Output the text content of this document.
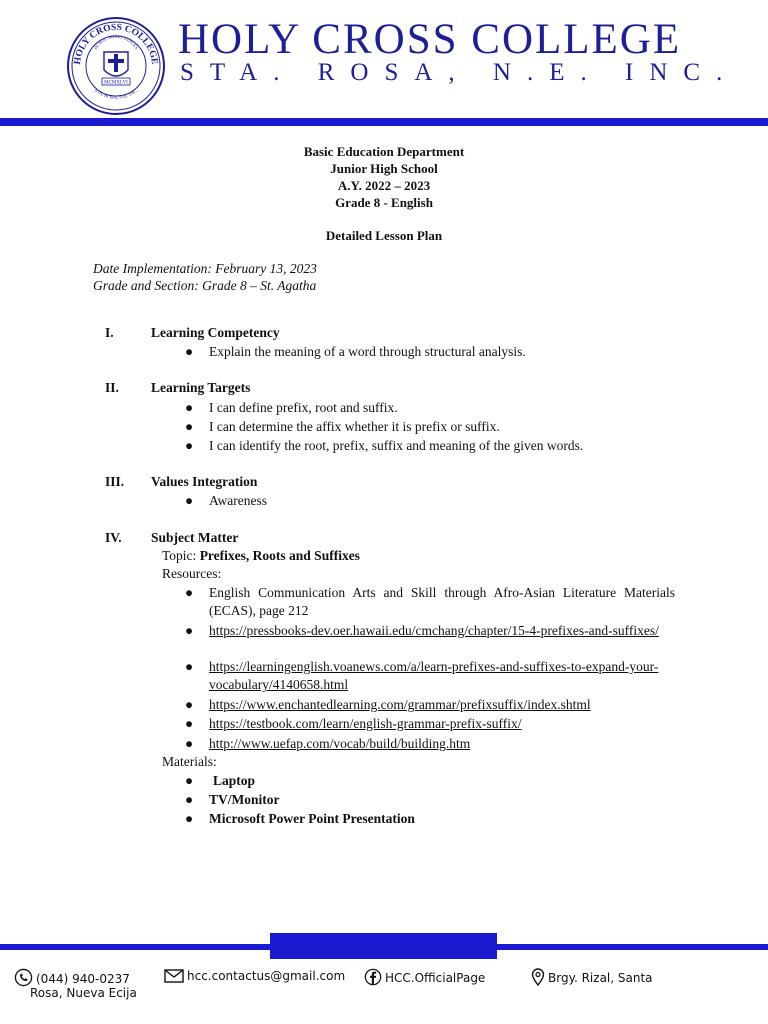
HOLY CROSS COLLEGE
STA. ROSA, N.E. INC.
IN HOC SIGNO VINCES
MCMXLVI
HOLY CROSS COLLEGE
STA. ROSA, N.E. INC.
Basic Education Department
Junior High School
A.Y. 2022 – 2023
Grade 8 - English
Detailed Lesson Plan
Date Implementation: February 13, 2023
Grade and Section: Grade 8 – St. Agatha
I.	Learning Competency
● Explain the meaning of a word through structural analysis.
II. Learning Targets
● I can define prefix, root and suffix.
● I can determine the affix whether it is prefix or suffix.
● I can identify the root, prefix, suffix and meaning of the given words.
III. Values Integration
● Awareness
IV. Subject Matter
Topic: Prefixes, Roots and Suffixes
Resources:
● English Communication Arts and Skill through Afro-Asian Literature Materials (ECAS), page 212
● https://pressbooks-dev.oer.hawaii.edu/cmchang/chapter/15-4-prefixes-and-suffixes/
● https://learningenglish.voanews.com/a/learn-prefixes-and-suffixes-to-expand-your-vocabulary/4140658.html
● https://www.enchantedlearning.com/grammar/prefixsuffix/index.shtml
● https://testbook.com/learn/english-grammar-prefix-suffix/
● http://www.uefap.com/vocab/build/building.htm
Materials:
● Laptop
● TV/Monitor
● Microsoft Power Point Presentation
(044) 940-0237	hcc.contactus@gmail.com	HCC.OfficialPage	Brgy. Rizal, Santa
Rosa, Nueva Ecija
